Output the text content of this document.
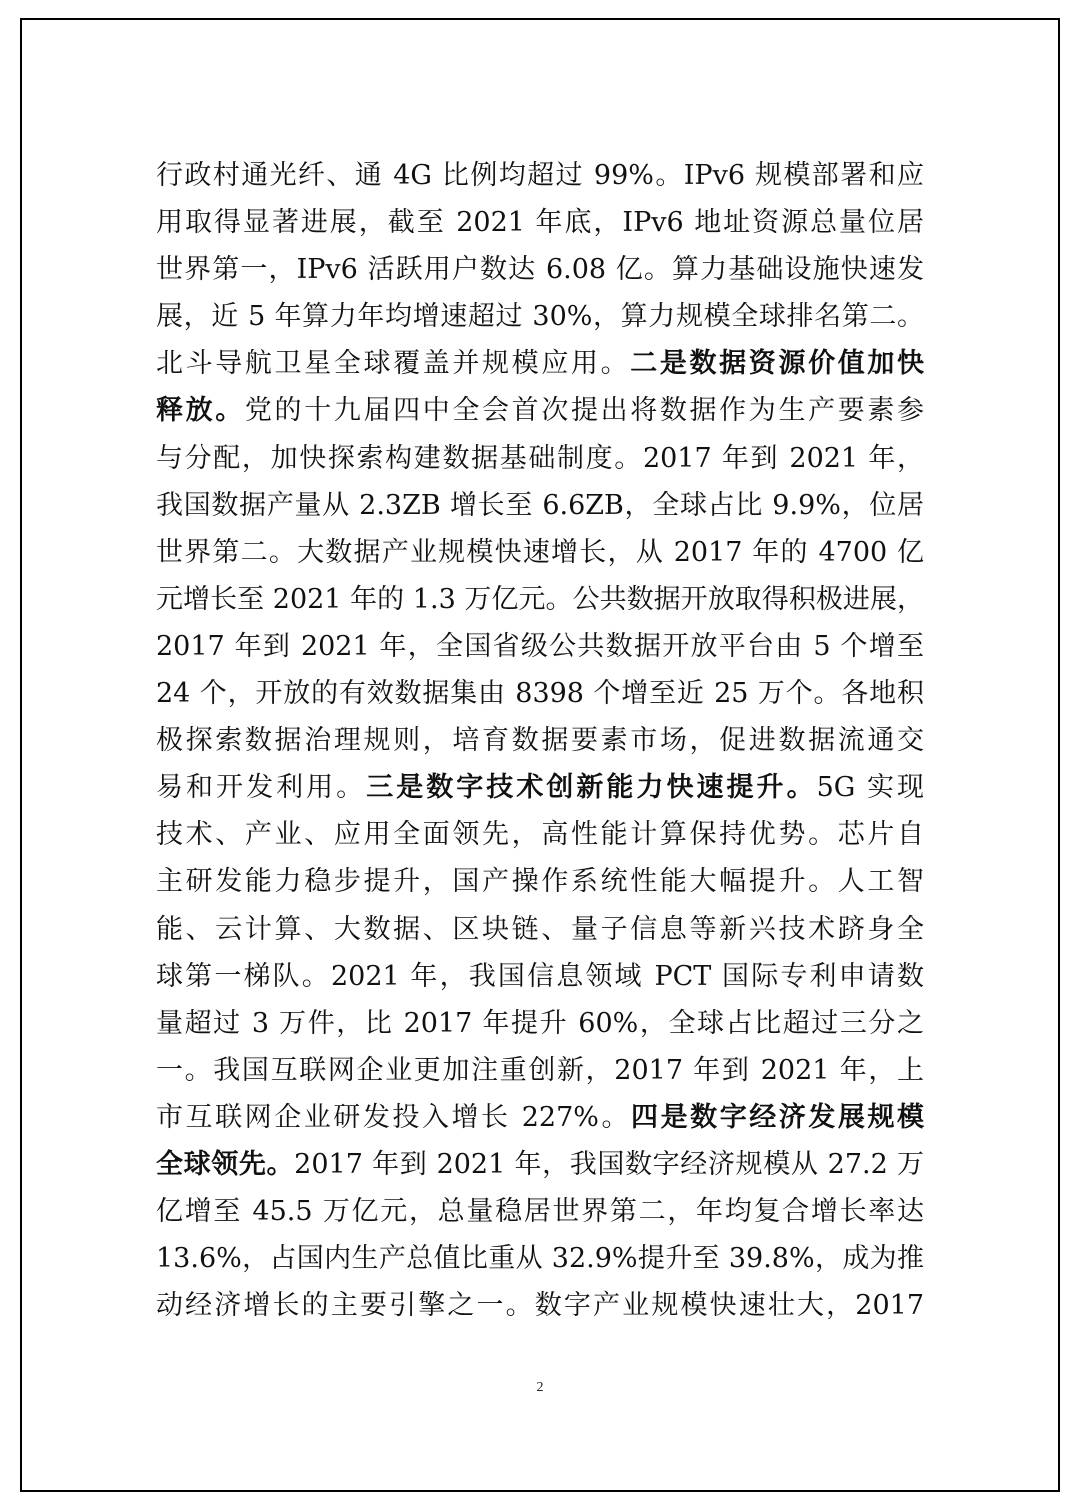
行政村通光纤、通 4G 比例均超过 99%。IPv6 规模部署和应
用取得显著进展，截至 2021 年底，IPv6 地址资源总量位居
世界第一，IPv6 活跃用户数达 6.08 亿。算力基础设施快速发
展，近 5 年算力年均增速超过 30%，算力规模全球排名第二。
北斗导航卫星全球覆盖并规模应用。二是数据资源价值加快
释放。党的十九届四中全会首次提出将数据作为生产要素参
与分配，加快探索构建数据基础制度。2017 年到 2021 年，
我国数据产量从 2.3ZB 增长至 6.6ZB，全球占比 9.9%，位居
世界第二。大数据产业规模快速增长，从 2017 年的 4700 亿
元增长至 2021 年的 1.3 万亿元。公共数据开放取得积极进展，
2017 年到 2021 年，全国省级公共数据开放平台由 5 个增至
24 个，开放的有效数据集由 8398 个增至近 25 万个。各地积
极探索数据治理规则，培育数据要素市场，促进数据流通交
易和开发利用。三是数字技术创新能力快速提升。5G 实现
技术、产业、应用全面领先，高性能计算保持优势。芯片自
主研发能力稳步提升，国产操作系统性能大幅提升。人工智
能、云计算、大数据、区块链、量子信息等新兴技术跻身全
球第一梯队。2021 年，我国信息领域 PCT 国际专利申请数
量超过 3 万件，比 2017 年提升 60%，全球占比超过三分之
一。我国互联网企业更加注重创新，2017 年到 2021 年，上
市互联网企业研发投入增长 227%。四是数字经济发展规模
全球领先。2017 年到 2021 年，我国数字经济规模从 27.2 万
亿增至 45.5 万亿元，总量稳居世界第二，年均复合增长率达
13.6%，占国内生产总值比重从 32.9%提升至 39.8%，成为推
动经济增长的主要引擎之一。数字产业规模快速壮大，2017
2
